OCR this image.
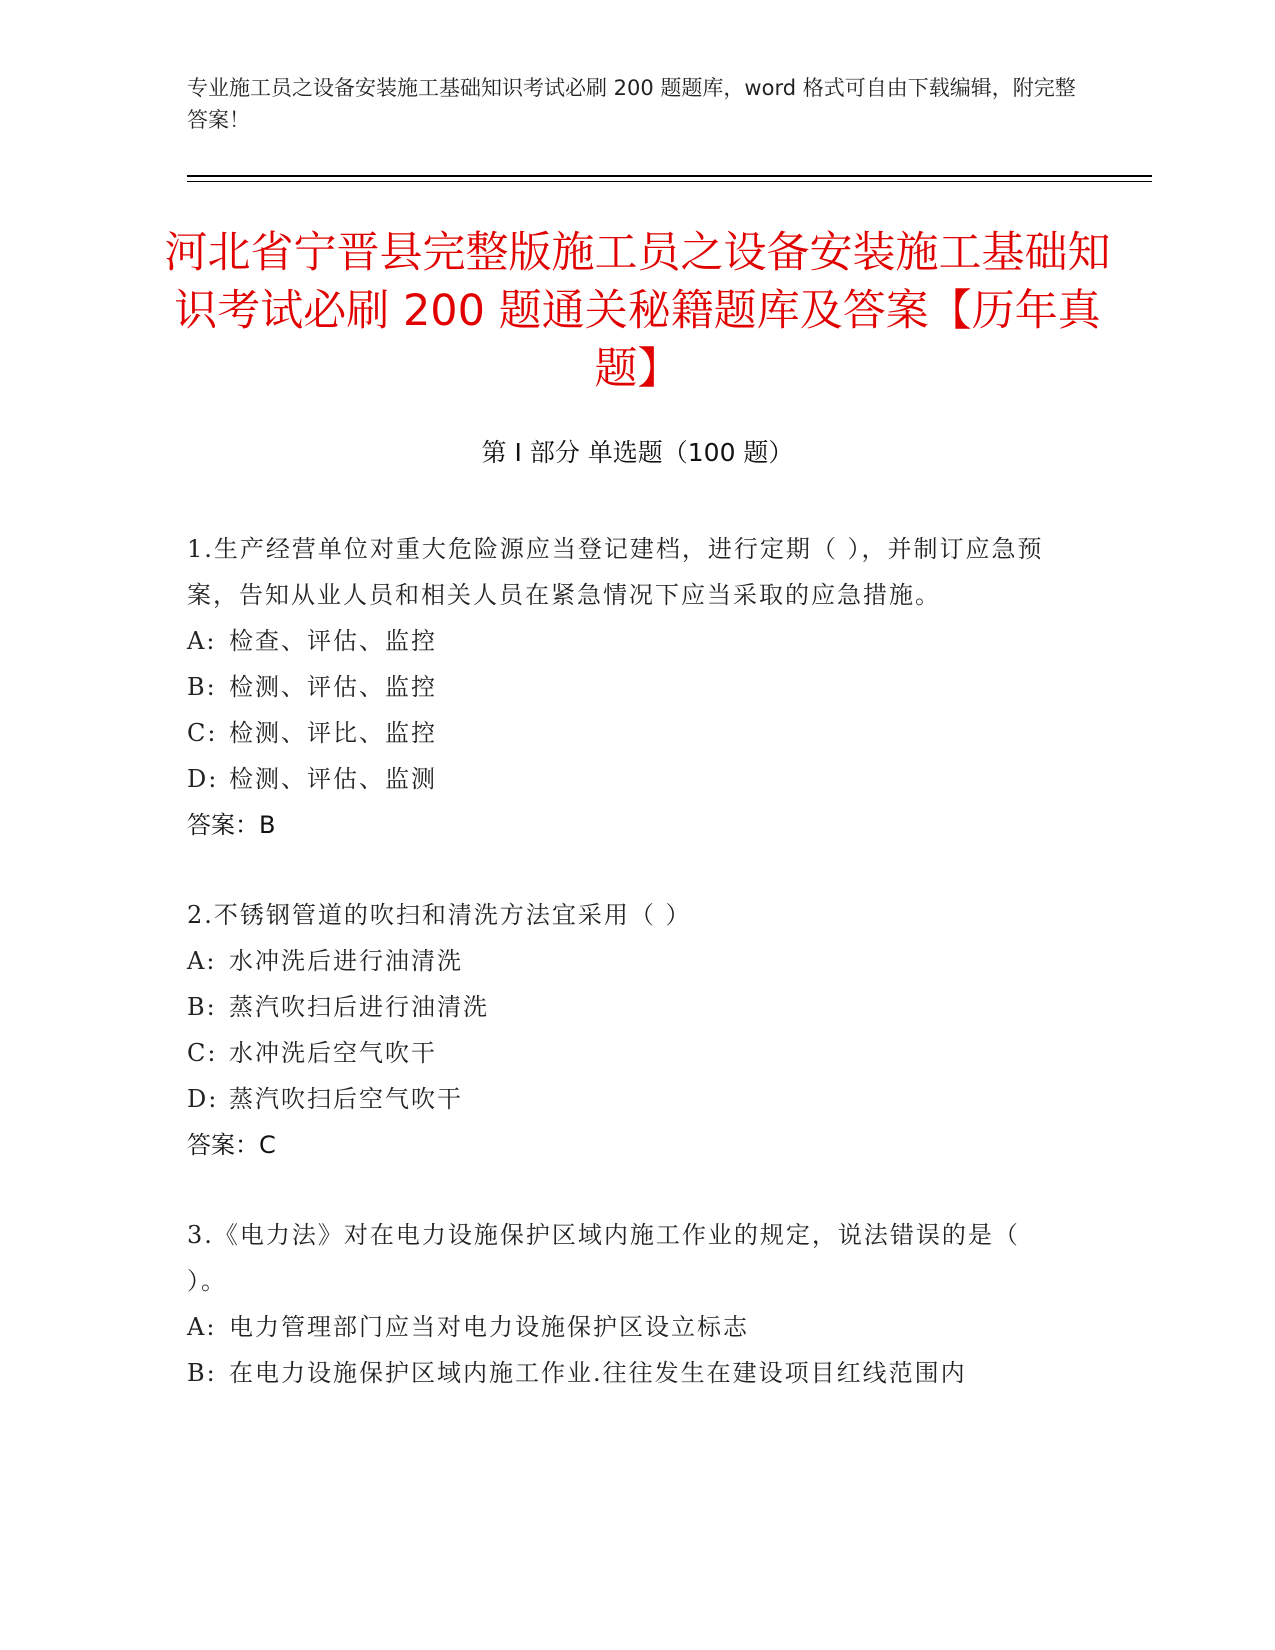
专业施工员之设备安装施工基础知识考试必刷 200 题题库，word 格式可自由下载编辑，附完整答案！
河北省宁晋县完整版施工员之设备安装施工基础知识考试必刷 200 题通关秘籍题库及答案【历年真题】
第 I 部分 单选题（100 题）
1.生产经营单位对重大危险源应当登记建档，进行定期（ ），并制订应急预案，告知从业人员和相关人员在紧急情况下应当采取的应急措施。
A: 检查、评估、监控
B: 检测、评估、监控
C: 检测、评比、监控
D: 检测、评估、监测
答案：B
2.不锈钢管道的吹扫和清洗方法宜采用（ ）
A: 水冲洗后进行油清洗
B: 蒸汽吹扫后进行油清洗
C: 水冲洗后空气吹干
D: 蒸汽吹扫后空气吹干
答案：C
3.《电力法》对在电力设施保护区域内施工作业的规定，说法错误的是（ ）。
A: 电力管理部门应当对电力设施保护区设立标志
B: 在电力设施保护区域内施工作业.往往发生在建设项目红线范围内
